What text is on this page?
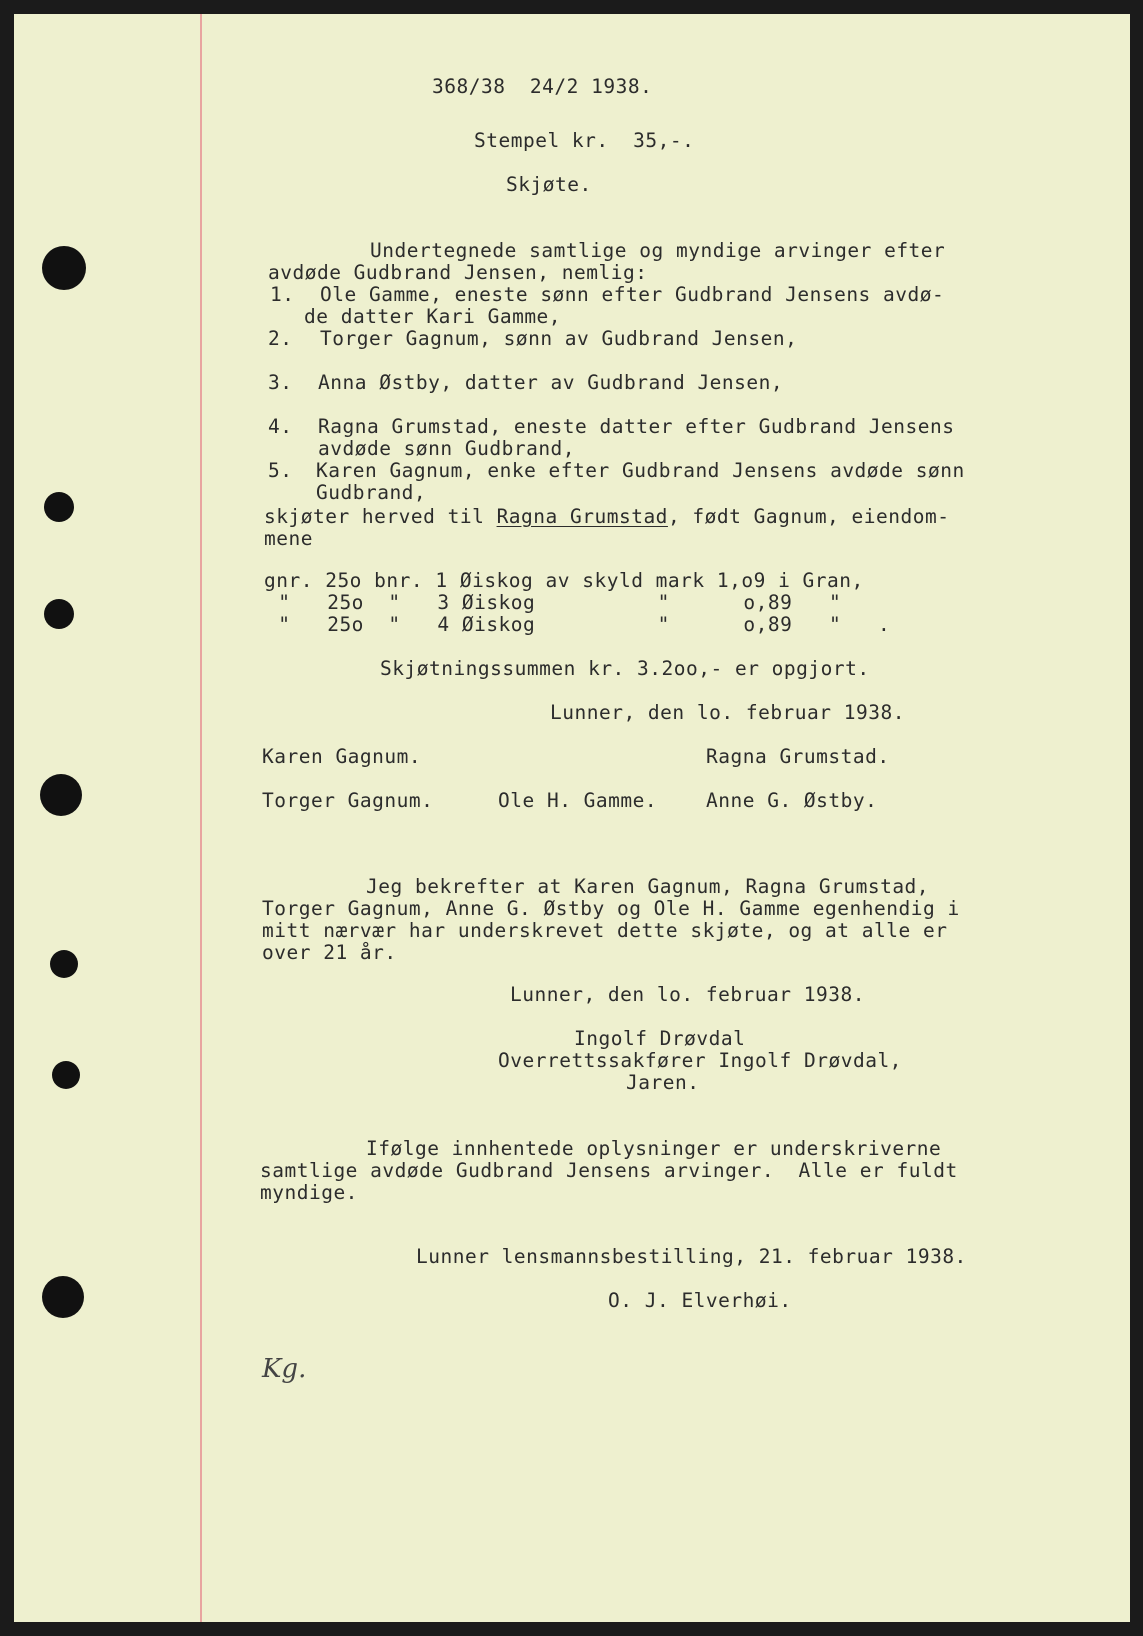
368/38  24/2 1938.
Stempel kr.  35,-.
Skjøte.
Undertegnede samtlige og myndige arvinger efter
avdøde Gudbrand Jensen, nemlig:
1. Ole Gamme, eneste sønn efter Gudbrand Jensens avdø-
de datter Kari Gamme,
2. Torger Gagnum, sønn av Gudbrand Jensen,
3. Anna Østby, datter av Gudbrand Jensen,
4. Ragna Grumstad, eneste datter efter Gudbrand Jensens
avdøde sønn Gudbrand,
5. Karen Gagnum, enke efter Gudbrand Jensens avdøde sønn
Gudbrand,
skjøter herved til Ragna Grumstad, født Gagnum, eiendom-
mene
gnr. 25o bnr. 1 Øiskog av skyld mark 1,o9 i Gran,
"   25o  "   3 Øiskog          "      o,89   "
"   25o  "   4 Øiskog          "      o,89   "   .
Skjøtningssummen kr. 3.2oo,- er opgjort.
Lunner, den lo. februar 1938.
Karen Gagnum.	Ragna Grumstad.
Torger Gagnum.	Ole H. Gamme.	Anne G. Østby.
Jeg bekrefter at Karen Gagnum, Ragna Grumstad,
Torger Gagnum, Anne G. Østby og Ole H. Gamme egenhendig i
mitt nærvær har underskrevet dette skjøte, og at alle er
over 21 år.
Lunner, den lo. februar 1938.
Ingolf Drøvdal
Overrettssakfører Ingolf Drøvdal,
Jaren.
Ifølge innhentede oplysninger er underskriverne
samtlige avdøde Gudbrand Jensens arvinger.  Alle er fuldt
myndige.
Lunner lensmannsbestilling, 21. februar 1938.
O. J. Elverhøi.
Kg.
